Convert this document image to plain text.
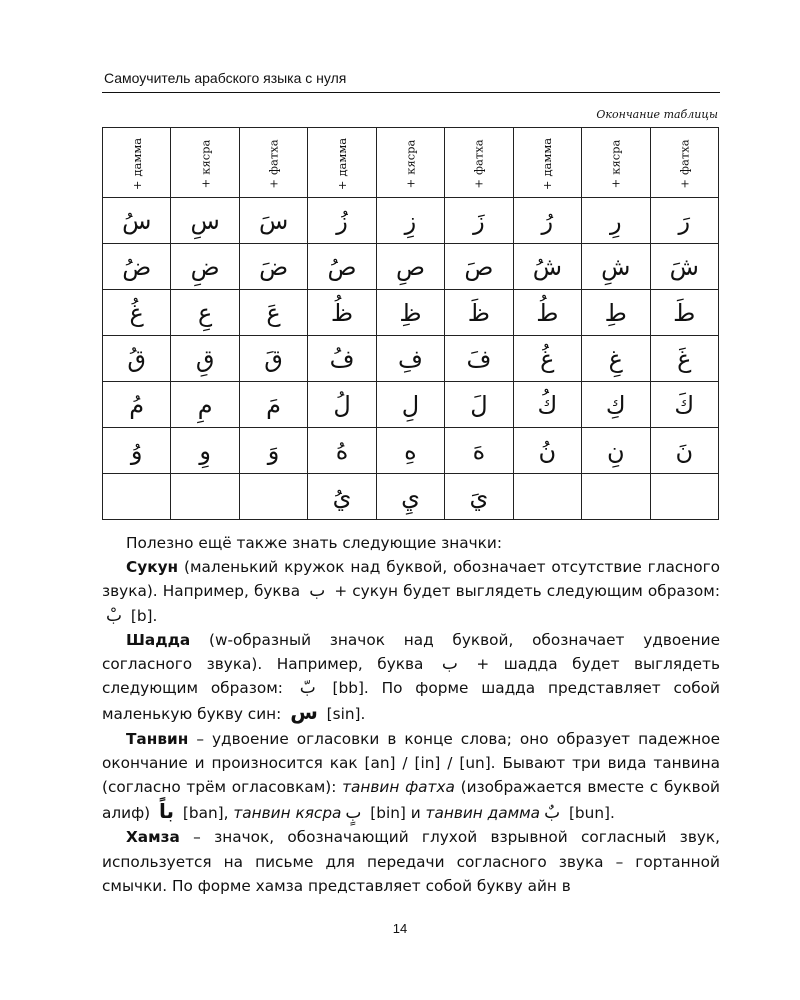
Самоучитель арабского языка с нуля
Окончание таблицы
+дамма	+кясра	+фатха	+дамма	+кясра	+фатха	+дамма	+кясра	+фатха
سُ	سِ	سَ	زُ	زِ	زَ	رُ	رِ	رَ
ضُ	ضِ	ضَ	صُ	صِ	صَ	شُ	شِ	شَ
غُ	عِ	عَ	ظُ	ظِ	ظَ	طُ	طِ	طَ
قُ	قِ	قَ	فُ	فِ	فَ	غُ	غِ	غَ
مُ	مِ	مَ	لُ	لِ	لَ	كُ	كِ	كَ
وُ	وِ	وَ	هُ	هِ	هَ	نُ	نِ	نَ
			يُ	يِ	يَ			

Полезно ещё также знать следующие значки:

Сукун (маленький кружок над буквой, обозначает отсутствие гласного звука). Например, буква ب + сукун будет выглядеть следующим образом: بْ [b].

Шадда (w-образный значок над буквой, обозначает удвоение согласного звука). Например, буква ب + шадда будет выглядеть следующим образом: بّ [bb]. По форме шадда представляет собой маленькую букву син: س [sin].

Танвин – удвоение огласовки в конце слова; оно образует падежное окончание и произносится как [an] / [in] / [un]. Бывают три вида танвина (согласно трём огласовкам): танвин фатха (изображается вместе с буквой алиф) باً [ban], танвин кясра بٍ [bin] и танвин дамма بٌ [bun].

Хамза – значок, обозначающий глухой взрывной согласный звук, используется на письме для передачи согласного звука – гортанной смычки. По форме хамза представляет собой букву айн в

14
